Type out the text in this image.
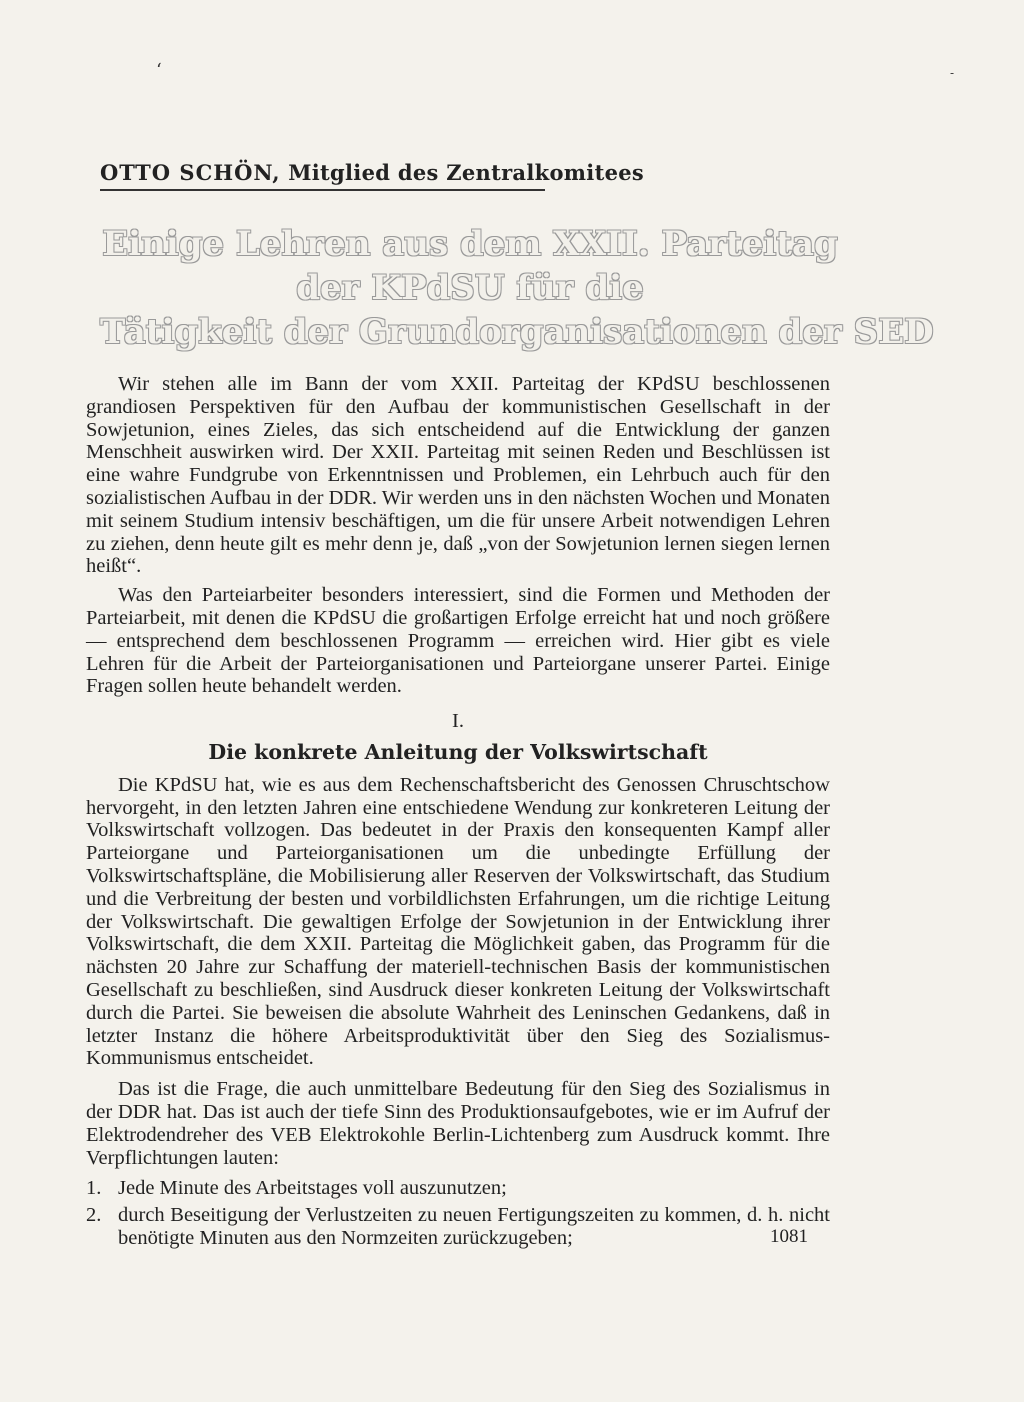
ʻ	-
OTTO SCHÖN, Mitglied des Zentralkomitees
Einige Lehren aus dem XXII. Parteitag
der KPdSU für die
Tätigkeit der Grundorganisationen der SED

Wir stehen alle im Bann der vom XXII. Parteitag der KPdSU beschlossenen grandiosen Perspektiven für den Aufbau der kommunistischen Gesellschaft in der Sowjetunion, eines Zieles, das sich entscheidend auf die Entwicklung der ganzen Menschheit auswirken wird. Der XXII. Parteitag mit seinen Reden und Beschlüssen ist eine wahre Fundgrube von Erkenntnissen und Problemen, ein Lehrbuch auch für den sozialistischen Aufbau in der DDR. Wir werden uns in den nächsten Wochen und Monaten mit seinem Studium intensiv beschäftigen, um die für unsere Arbeit notwendigen Lehren zu ziehen, denn heute gilt es mehr denn je, daß „von der Sowjetunion lernen siegen lernen heißt“.

Was den Parteiarbeiter besonders interessiert, sind die Formen und Methoden der Parteiarbeit, mit denen die KPdSU die großartigen Erfolge erreicht hat und noch größere — entsprechend dem beschlossenen Programm — erreichen wird. Hier gibt es viele Lehren für die Arbeit der Parteiorganisationen und Parteiorgane unserer Partei. Einige Fragen sollen heute behandelt werden.

I.
Die konkrete Anleitung der Volkswirtschaft

Die KPdSU hat, wie es aus dem Rechenschaftsbericht des Genossen Chruschtschow hervorgeht, in den letzten Jahren eine entschiedene Wendung zur konkreteren Leitung der Volkswirtschaft vollzogen. Das bedeutet in der Praxis den konsequenten Kampf aller Parteiorgane und Parteiorganisationen um die unbedingte Erfüllung der Volkswirtschaftspläne, die Mobilisierung aller Reserven der Volkswirtschaft, das Studium und die Verbreitung der besten und vorbildlichsten Erfahrungen, um die richtige Leitung der Volkswirtschaft. Die gewaltigen Erfolge der Sowjetunion in der Entwicklung ihrer Volkswirtschaft, die dem XXII. Parteitag die Möglichkeit gaben, das Programm für die nächsten 20 Jahre zur Schaffung der materiell-technischen Basis der kommunistischen Gesellschaft zu beschließen, sind Ausdruck dieser konkreten Leitung der Volkswirtschaft durch die Partei. Sie beweisen die absolute Wahrheit des Leninschen Gedankens, daß in letzter Instanz die höhere Arbeitsproduktivität über den Sieg des Sozialismus-Kommunismus entscheidet.

Das ist die Frage, die auch unmittelbare Bedeutung für den Sieg des Sozialismus in der DDR hat. Das ist auch der tiefe Sinn des Produktionsaufgebotes, wie er im Aufruf der Elektrodendreher des VEB Elektrokohle Berlin-Lichtenberg zum Ausdruck kommt. Ihre Verpflichtungen lauten:

1. Jede Minute des Arbeitstages voll auszunutzen;
2. durch Beseitigung der Verlustzeiten zu neuen Fertigungszeiten zu kommen, d. h. nicht benötigte Minuten aus den Normzeiten zurückzugeben;	1081
